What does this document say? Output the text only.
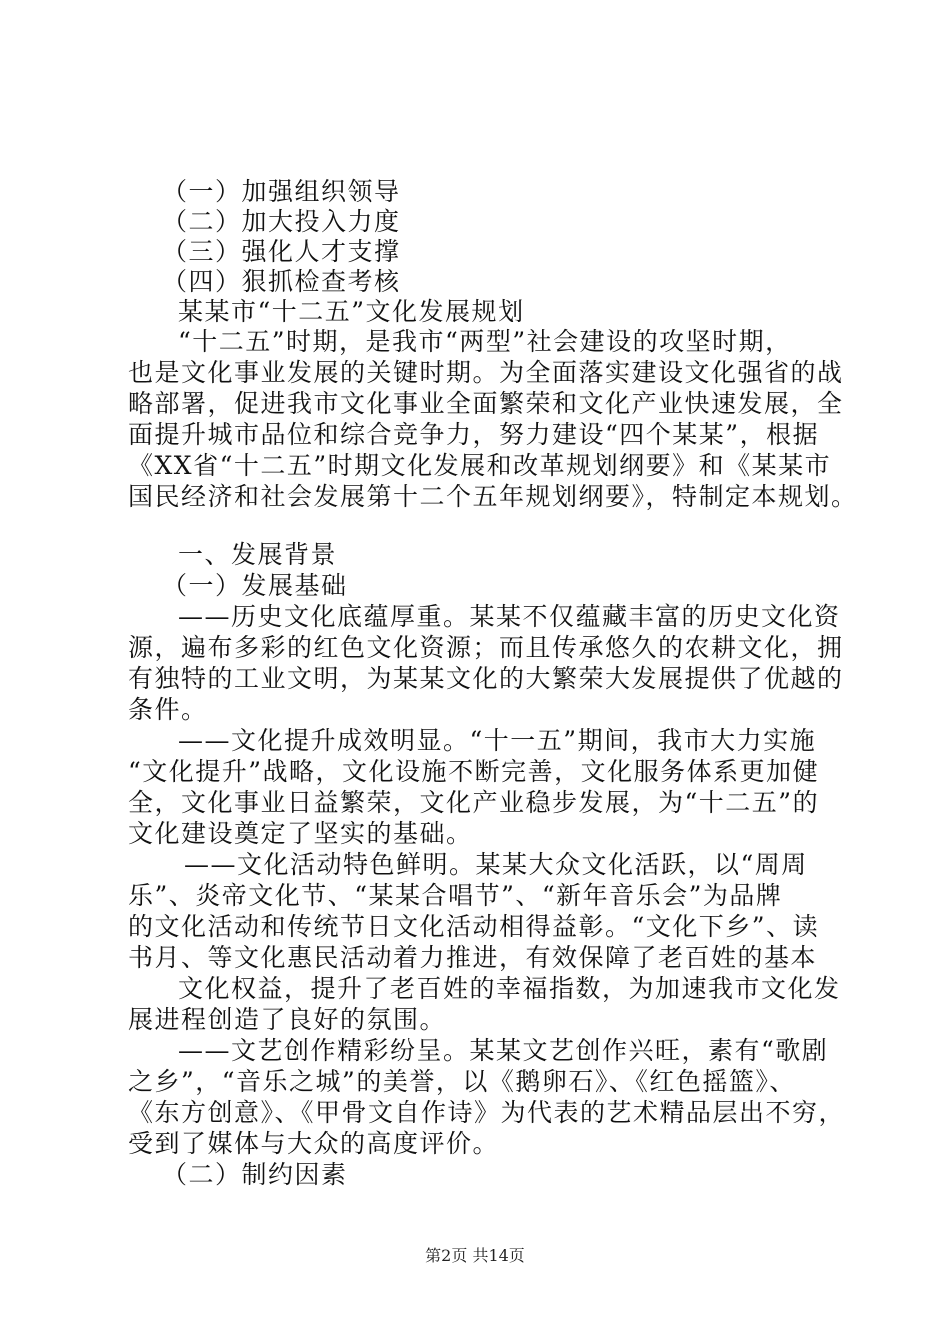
（一）加强组织领导
（二）加大投入力度
（三）强化人才支撑
（四）狠抓检查考核
某某市“十二五”文化发展规划
“十二五”时期，是我市“两型”社会建设的攻坚时期，
也是文化事业发展的关键时期。为全面落实建设文化强省的战
略部署，促进我市文化事业全面繁荣和文化产业快速发展，全
面提升城市品位和综合竞争力，努力建设“四个某某”，根据
《XX省“十二五”时期文化发展和改革规划纲要》和《某某市
国民经济和社会发展第十二个五年规划纲要》，特制定本规划。
一、发展背景
（一）发展基础
——历史文化底蕴厚重。某某不仅蕴藏丰富的历史文化资
源，遍布多彩的红色文化资源；而且传承悠久的农耕文化，拥
有独特的工业文明，为某某文化的大繁荣大发展提供了优越的
条件。
——文化提升成效明显。“十一五”期间，我市大力实施
“文化提升”战略，文化设施不断完善，文化服务体系更加健
全，文化事业日益繁荣，文化产业稳步发展，为“十二五”的
文化建设奠定了坚实的基础。
——文化活动特色鲜明。某某大众文化活跃，以“周周
乐”、炎帝文化节、“某某合唱节”、“新年音乐会”为品牌
的文化活动和传统节日文化活动相得益彰。“文化下乡”、读
书月、等文化惠民活动着力推进，有效保障了老百姓的基本
文化权益，提升了老百姓的幸福指数，为加速我市文化发
展进程创造了良好的氛围。
——文艺创作精彩纷呈。某某文艺创作兴旺，素有“歌剧
之乡”，“音乐之城”的美誉，以《鹅卵石》、《红色摇篮》、
《东方创意》、《甲骨文自作诗》为代表的艺术精品层出不穷，
受到了媒体与大众的高度评价。
（二）制约因素
第2页 共14页
